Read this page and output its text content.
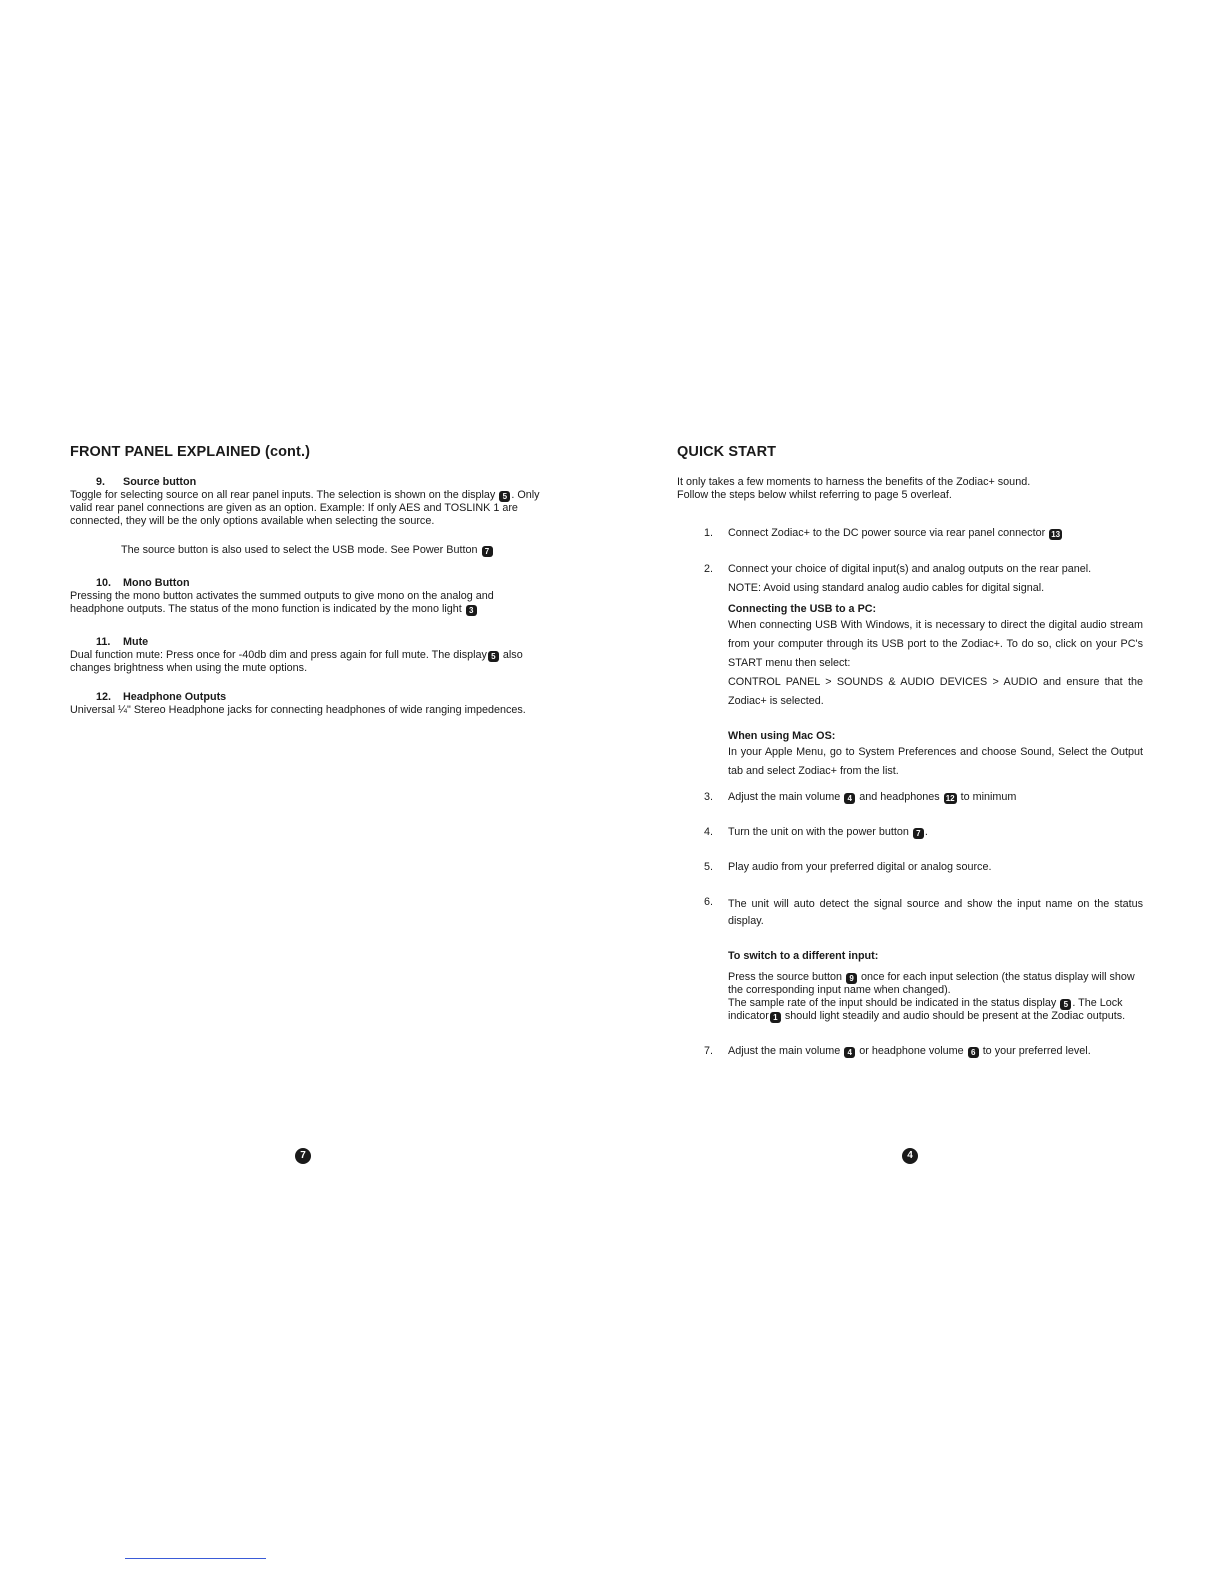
FRONT PANEL EXPLAINED (cont.)

9. Source button

Toggle for selecting source on all rear panel inputs. The selection is shown on the display 5 . Only valid rear panel connections are given as an option. Example: If only AES and TOSLINK 1 are connected, they will be the only options available when selecting the source.

The source button is also used to select the USB mode. See Power Button 7

10. Mono Button

Pressing the mono button activates the summed outputs to give mono on the analog and headphone outputs. The status of the mono function is indicated by the mono light 3

11. Mute

Dual function mute: Press once for -40db dim and press again for full mute. The display 5 also changes brightness when using the mute options.

12. Headphone Outputs

Universal ¼" Stereo Headphone jacks for connecting headphones of wide ranging impedences.

7
QUICK START

It only takes a few moments to harness the benefits of the Zodiac+ sound.

Follow the steps below whilst referring to page 5 overleaf.

1. Connect Zodiac+ to the DC power source via rear panel connector 13
2. Connect your choice of digital input(s) and analog outputs on the rear panel.

NOTE: Avoid using standard analog audio cables for digital signal.

Connecting the USB to a PC:

When connecting USB With Windows, it is necessary to direct the digital audio stream from your computer through its USB port to the Zodiac+. To do so, click on your PC's START menu then select:

CONTROL PANEL > SOUNDS & AUDIO DEVICES > AUDIO and ensure that the Zodiac+ is selected.

When using Mac OS:

In your Apple Menu, go to System Preferences and choose Sound, Select the Output tab and select Zodiac+ from the list.

3. Adjust the main volume 4 and headphones 12 to minimum
4. Turn the unit on with the power button 7 .
5. Play audio from your preferred digital or analog source.
6. The unit will auto detect the signal source and show the input name on the status display.

To switch to a different input:

Press the source button 9 once for each input selection (the status display will show the corresponding input name when changed).

The sample rate of the input should be indicated in the status display 5 . The Lock indicator 1 should light steadily and audio should be present at the Zodiac outputs.

7. Adjust the main volume 4 or headphone volume 6 to your preferred level.
4
